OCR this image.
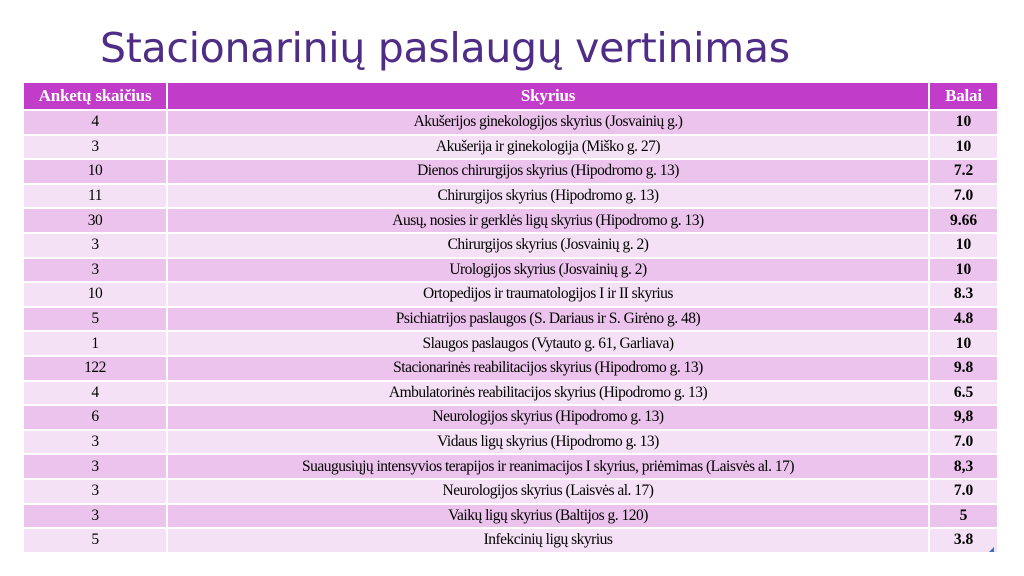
Stacionarinių paslaugų vertinimas
Anketų skaičius	Skyrius	Balai
4	Akušerijos ginekologijos skyrius (Josvainių g.)	10
3	Akušerija ir ginekologija (Miško g. 27)	10
10	Dienos chirurgijos skyrius (Hipodromo g. 13)	7.2
11	Chirurgijos skyrius (Hipodromo g. 13)	7.0
30	Ausų, nosies ir gerklės ligų skyrius (Hipodromo g. 13)	9.66
3	Chirurgijos skyrius (Josvainių g. 2)	10
3	Urologijos skyrius (Josvainių g. 2)	10
10	Ortopedijos ir traumatologijos I ir II skyrius	8.3
5	Psichiatrijos paslaugos (S. Dariaus ir S. Girėno g. 48)	4.8
1	Slaugos paslaugos (Vytauto g. 61, Garliava)	10
122	Stacionarinės reabilitacijos skyrius (Hipodromo g. 13)	9.8
4	Ambulatorinės reabilitacijos skyrius (Hipodromo g. 13)	6.5
6	Neurologijos skyrius (Hipodromo g. 13)	9,8
3	Vidaus ligų skyrius (Hipodromo g. 13)	7.0
3	Suaugusiųjų intensyvios terapijos ir reanimacijos I skyrius, priėmimas (Laisvės al. 17)	8,3
3	Neurologijos skyrius (Laisvės al. 17)	7.0
3	Vaikų ligų skyrius (Baltijos g. 120)	5
5	Infekcinių ligų skyrius	3.8
